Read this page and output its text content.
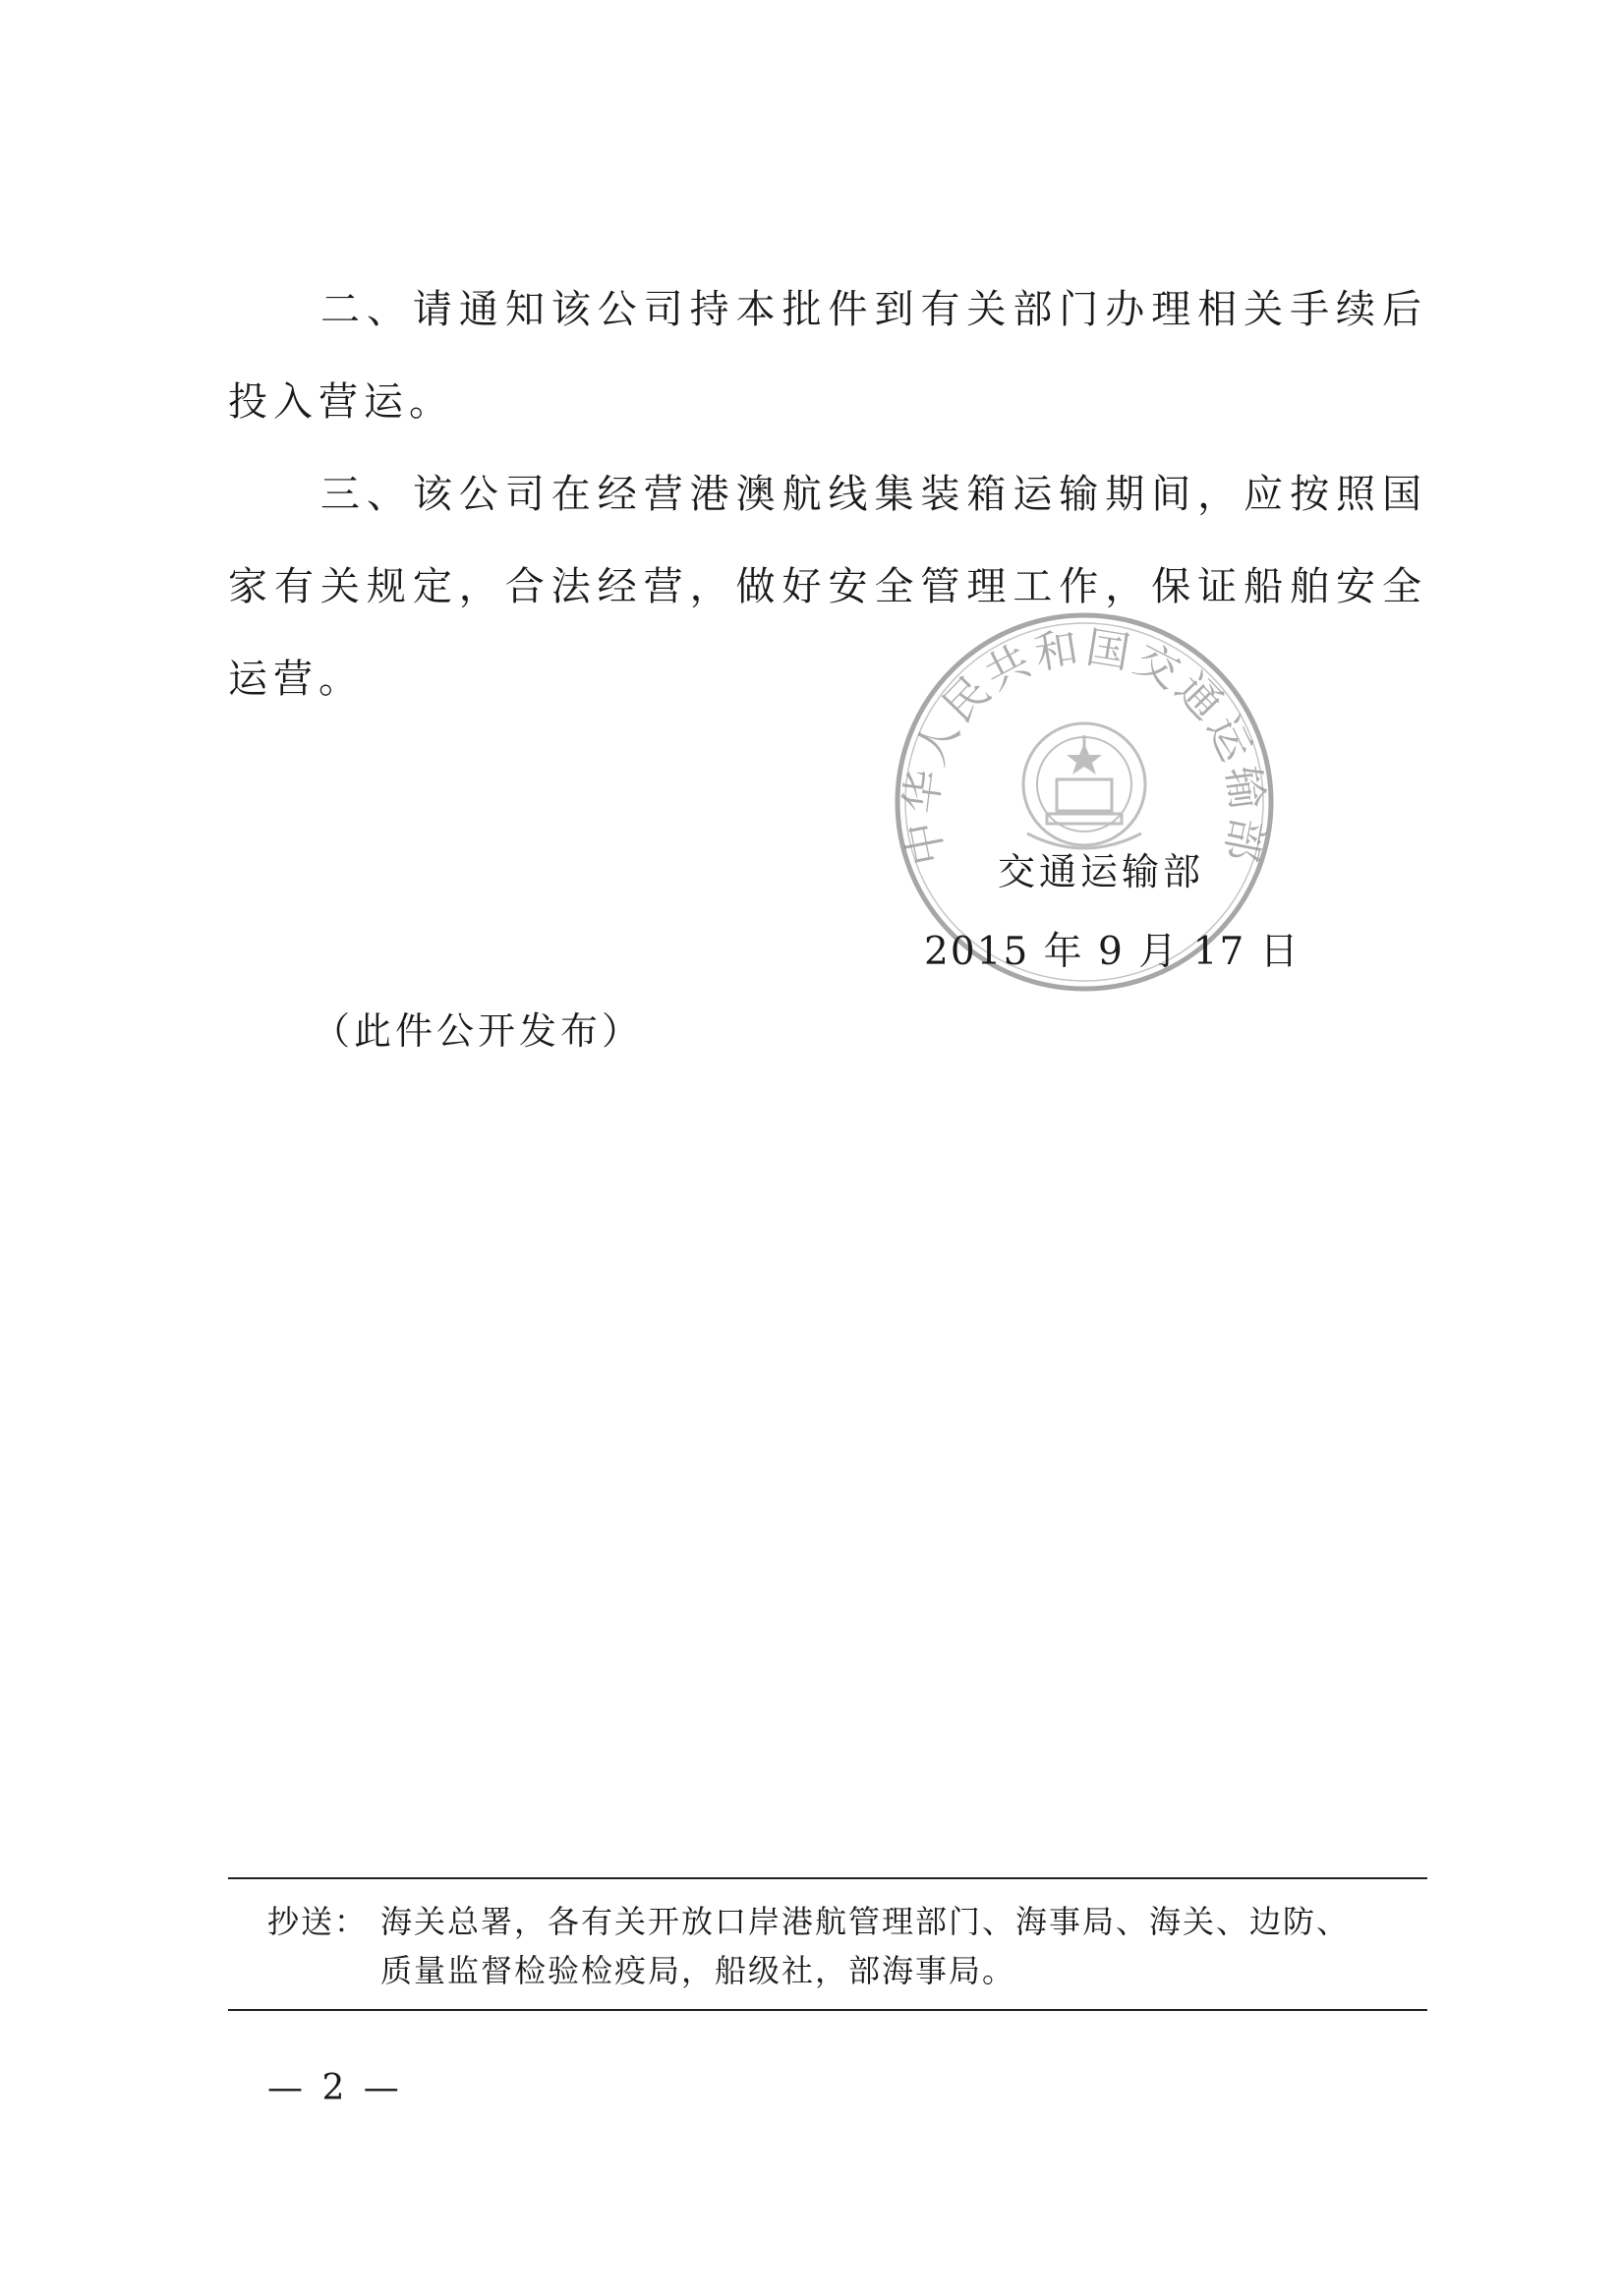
二、请通知该公司持本批件到有关部门办理相关手续后投入营运。

三、该公司在经营港澳航线集装箱运输期间，应按照国家有关规定，合法经营，做好安全管理工作，保证船舶安全运营。

中华人民共和国交通运输部
交通运输部
2015 年 9 月 17 日
（此件公开发布）
抄送： 海关总署，各有关开放口岸港航管理部门、海事局、海关、边防、
质量监督检验检疫局，船级社，部海事局。
— 2 —
